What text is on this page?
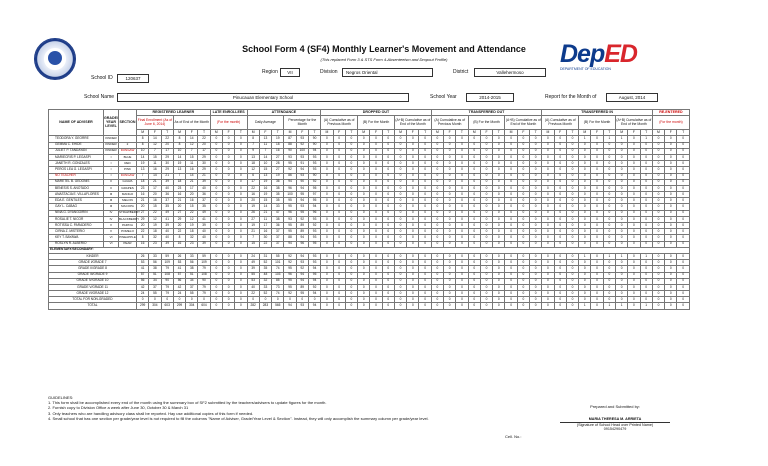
School Form 4 (SF4) Monthly Learner's Movement and Attendance
(This replaced Form 3 & STS Form 4-Absenteeism and Dropout Profile)	DepED
DEPARTMENT OF EDUCATION
School ID	120637
Region	VII	Division	Negros Oriental	District	Vallehermoso
School Name	Pinucauan Elementary School	School Year	2014-2015	Report for the Month of	August, 2014
NAME OF ADVISER	GRADE/ YEAR LEVEL	SECTION	REGISTERED LEARNER						LATE ENROLLEES			ATTENDANCE						DROPPED OUT									TRANSFERRED OUT									TRANSFERRED IN									RE-ENTERED		
			Final Enrollment (As of June 6, 2014)			As of End of the Month			(For the month)			Daily Average			Percentage for the Month			(A) Cumulative as of Previous Month			(B) For the Month			(A+B) Cumulative as of End of the Month			(A) Cumulative as of Previous Month			(B) For the Month			(A+B) Cumulative as of End of the Month			(A) Cumulative as of Previous Month			(B) For the Month			(A+B) Cumulative as of End of the Month			(For the month)		
			M	F	T	M	F	T	M	F	T	M	F	T	M	F	T	M	F	T	M	F	T	M	F	T	M	F	T	M	F	T	M	F	T	M	F	T	M	F	T	M	F	T	M	F	T
TEODORA Y. GEORRE	KINDER		8	14	22	8	14	22	0	0	0	8	13	19	87	93	90	0	0	0	0	0	0	0	0	0	0	0	0	0	0	0	0	0	0	0	0	0	1	0	1	1	0	1	0	0	0
GEMMA C. EHIDE	KINDER	2	8	12	20	8	12	20	0	0	0	7	11	18	88	92	90	0	0	0	0	0	0	0	0	0	0	0	0	0	0	0	0	0	0	0	0	0	0	0	0	0	0	0	0	0	0
JULIET P. TANDAYAN	KINDER	DUNGAW	10	7	17	10	7	17	0	0	0	9	7	16	90	100	94	0	0	0	0	0	0	0	0	0	0	0	0	0	0	0	0	0	0	0	0	0	0	0	0	0	0	0	0	0	0
MARIECRIS P. LEGASPI	I	BLUE	14	15	29	14	15	29	0	0	0	13	14	27	93	93	93	0	0	0	0	0	0	0	0	0	0	0	0	0	0	0	0	0	0	0	0	0	0	0	0	0	0	0	0	0	0
JANETH R. GONZALES	I	RED	19	11	30	19	11	30	0	0	0	18	10	28	95	91	93	0	0	0	0	0	0	0	0	0	0	0	0	0	0	0	0	0	0	0	0	0	0	0	0	0	0	0	0	0	0
PEROS LEA G. LEGASPI	I	PINK	13	16	29	13	16	29	0	0	0	12	15	27	92	94	93	0	0	0	0	0	0	0	0	0	0	0	0	0	0	0	0	0	0	0	0	0	0	0	0	0	0	0	0	0	0
NO TEACHER	I	DUNGAW	7	14	21	7	14	21	0	0	0	6	13	19	86	93	90	0	0	0	0	0	0	0	0	0	0	0	0	0	0	0	0	0	0	0	0	0	0	0	0	0	0	0	0	0	0
MARETEL B. GEDONIS	II	GUAVA	18	21	39	18	21	39	0	0	0	17	19	36	94	90	92	0	0	0	0	0	0	0	0	0	0	0	0	0	0	0	0	0	0	0	0	0	0	0	0	0	0	0	0	0	0
BENESIS S. ANOTADO	II	GRAPES	23	17	40	23	17	40	0	0	0	22	16	38	96	94	95	0	0	0	0	0	0	0	0	0	0	0	0	0	0	0	0	0	0	0	0	0	0	0	0	0	0	0	0	0	0
ANASTACIA E. VILLAFLORES	III	MANGO	16	20	36	16	20	36	0	0	0	16	19	35	100	95	97	0	0	0	0	0	0	0	0	0	0	0	0	0	0	0	0	0	0	0	0	0	0	0	0	0	0	0	0	0	0
EDA E. GENTILES	III	MELON	21	16	37	21	16	37	0	0	0	20	15	35	95	94	95	0	0	0	0	0	0	0	0	0	0	0	0	0	0	0	0	0	0	0	0	0	0	0	0	0	0	0	0	0	0
GAY L. CABAG	III	MACOPA	20	15	35	20	15	35	0	0	0	19	14	33	95	93	94	0	0	0	0	0	0	0	0	0	0	0	0	0	0	0	0	0	0	0	0	0	0	0	0	0	0	0	0	0	0
NINA G. DYANGGIRIN	IV	STRAWBERRY	27	22	49	27	22	49	0	0	0	26	21	47	96	95	96	0	0	0	0	0	0	0	0	0	0	0	0	0	0	0	0	0	0	0	0	0	0	0	0	0	0	0	0	0	0
ROSALIE T. NICOR	IV	BLACKBERRY	29	12	41	29	12	41	0	0	0	27	11	38	93	92	93	0	0	0	0	0	0	0	0	0	0	0	0	0	0	0	0	0	0	0	0	0	0	0	0	0	0	0	0	0	0
ROTISSA C. PARADERO	V	PAPAYA	20	19	39	20	19	39	0	0	0	19	17	36	95	89	92	0	0	0	0	0	0	0	0	0	0	0	0	0	0	0	0	0	0	0	0	0	0	0	0	0	0	0	0	0	0
CIRNA Z. MISTERIO	V	POMELO	22	18	40	22	18	40	0	0	0	21	16	37	95	89	93	0	0	0	0	0	0	0	0	0	0	0	0	0	0	0	0	0	0	0	0	0	0	0	0	0	0	0	0	0	0
KEY T. BAYAWA	VI	PINEAPPLE	8	32	40	8	32	40	0	0	0	7	30	37	88	94	93	0	0	0	0	0	0	0	0	0	0	0	0	0	0	0	0	0	0	0	0	0	0	0	0	0	0	0	0	0	0
ROSLYN R. ALBERIO	VI	PEAR	16	23	39	16	23	39	0	0	0	15	22	37	94	96	95	0	0	0	0	0	0	0	0	0	0	0	0	0	0	0	0	0	0	0	0	0	0	0	0	0	0	0	0	0	0
ELEMENTARY/SECONDARY:																																															
KINDER			26	33	59	26	33	59	0	0	0	24	31	55	92	94	93	0	0	0	0	0	0	0	0	0	0	0	0	0	0	0	0	0	0	0	0	0	1	0	1	1	0	1	0	0	0
GRADE I/GRADE 7			53	56	109	53	56	109	0	0	0	49	52	101	92	93	93	0	0	0	0	0	0	0	0	0	0	0	0	0	0	0	0	0	0	0	0	0	0	0	0	0	0	0	0	0	0
GRADE II/GRADE 8			41	38	79	41	38	79	0	0	0	39	35	74	95	92	94	0	0	0	0	0	0	0	0	0	0	0	0	0	0	0	0	0	0	0	0	0	0	0	0	0	0	0	0	0	0
GRADE III/GRADE 9			57	51	108	57	51	108	0	0	0	55	48	103	96	94	95	0	0	0	0	0	0	0	0	0	0	0	0	0	0	0	0	0	0	0	0	0	0	0	0	0	0	0	0	0	0
GRADE IV/GRADE 10			56	34	90	56	34	90	0	0	0	53	32	85	95	94	94	0	0	0	0	0	0	0	0	0	0	0	0	0	0	0	0	0	0	0	0	0	0	0	0	0	0	0	0	0	0
GRADE V/GRADE 11			42	37	79	42	37	79	0	0	0	40	33	73	95	89	92	0	0	0	0	0	0	0	0	0	0	0	0	0	0	0	0	0	0	0	0	0	0	0	0	0	0	0	0	0	0
GRADE VI/GRADE 12			24	55	79	24	55	79	0	0	0	22	52	74	92	95	94	0	0	0	0	0	0	0	0	0	0	0	0	0	0	0	0	0	0	0	0	0	0	0	0	0	0	0	0	0	0
TOTAL FOR NON-GRADED			0	0	0	0	0	0	0	0	0	0	0	0	0	0	0	0	0	0	0	0	0	0	0	0	0	0	0	0	0	0	0	0	0	0	0	0	0	0	0	0	0	0	0	0	0
TOTAL			299	304	603	299	304	604	0	0	0	282	283	565	94	93	94	0	0	0	0	0	0	0	0	0	0	0	0	0	0	0	0	0	0	0	0	0	1	0	1	1	0	1	0	0	0
GUIDELINES:
1. This form shall be accomplished every end of the month using the summary box of SF2 submitted by the teachers/advisers to update figures for the month.
2. Furnish copy to Division Office a week after June 30, October 30 & March 31
3. Only teachers who are handling advisory class shall be reported. Hay use additional copies of this form if needed.
4. Small school that has one section per grade/year level is not required to fill the columns "Name of Adviser, Grade/Year Level & Section". Instead, they will only accomplish the summary column per grade/year level.
Prepared and Submitted by:
MARIA THERESA M. ARRIETA
(Signature of School Head over Printed Name)
09154290479
Cell. No.:
